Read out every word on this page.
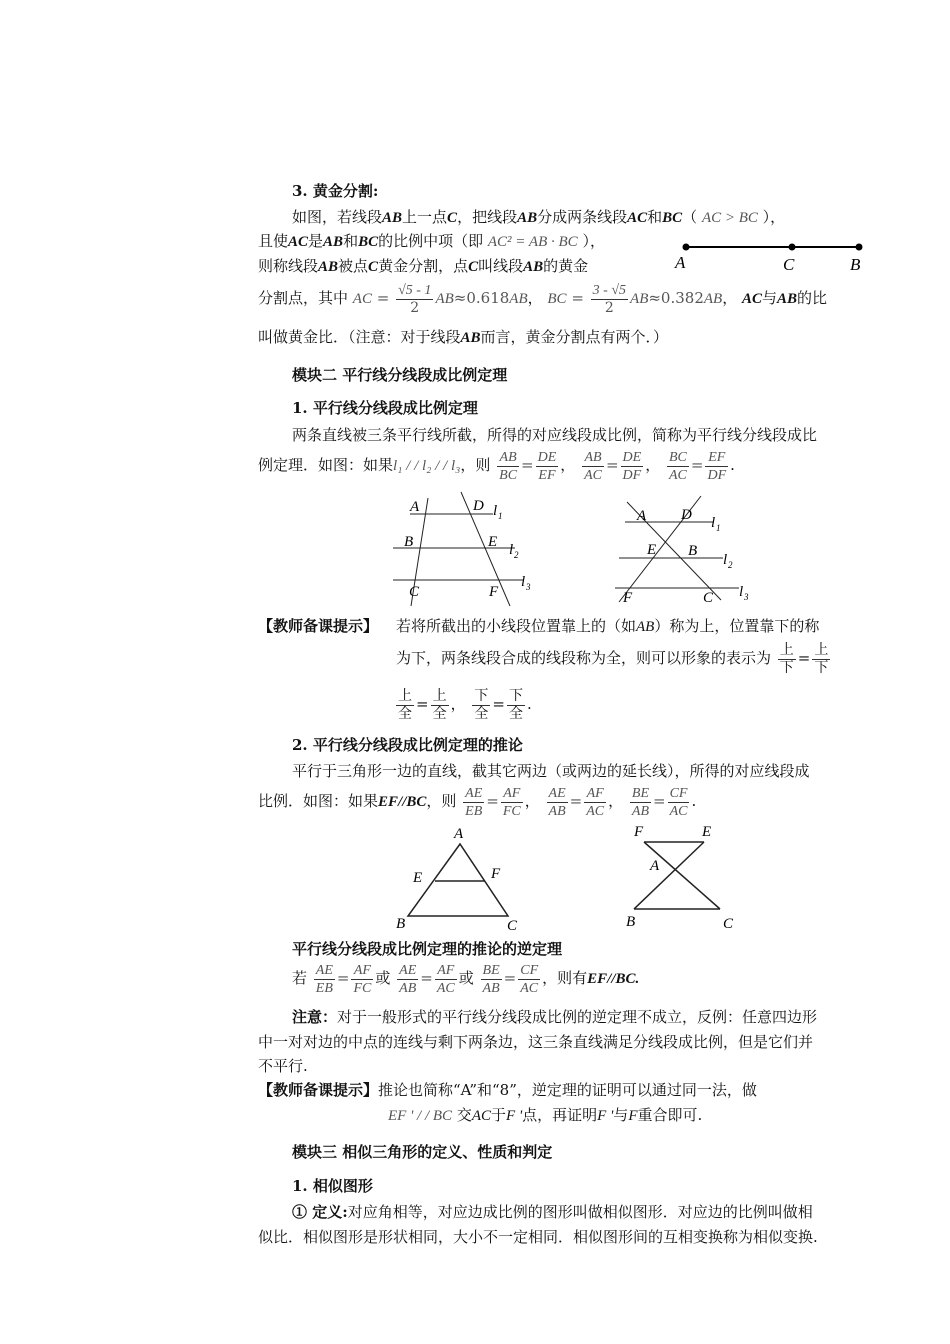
3. 黄金分割:
如图，若线段AB上一点C，把线段AB分成两条线段AC和BC（ AC > BC ），
且使AC是AB和BC的比例中项（即 AC² = AB · BC ），
A	C	B
则称线段AB被点C黄金分割，点C叫线段AB的黄金
分割点，其中 AC = $\frac{√5 - 1}{2} AB\approx 0.618AB$， BC = $\frac{3 - √5}{2} AB\approx 0.382AB$， AC与AB的比
叫做黄金比．（注意：对于线段AB而言，黄金分割点有两个．）
模块二 平行线分线段成比例定理
1. 平行线分线段成比例定理
两条直线被三条平行线所截，所得的对应线段成比例，简称为平行线分线段成比
例定理．如图：如果l₁ / / l₂ / / l₃，则 $\frac{AB}{BC} = \frac{DE}{EF}$ ， $\frac{AB}{AC} = \frac{DE}{DF}$ ， $\frac{BC}{AC} = \frac{EF}{DF}$ .
A	D l 1
B	E l 2
C	F
l 3
A D l 1
E B
l 2
F	C l 3
【教师备课提示】 若将所截出的小线段位置靠上的（如AB）称为上，位置靠下的称
为下，两条线段合成的线段称为全，则可以形象的表示为 $\frac{\text{上}}{\text{下}} = \frac{\text{上}}{\text{下}}$
$\frac{\text{上}}{\text{全}} = \frac{\text{上}}{\text{全}}$ ， $\frac{\text{下}}{\text{全}} = \frac{\text{下}}{\text{全}}$ .
2. 平行线分线段成比例定理的推论
平行于三角形一边的直线，截其它两边（或两边的延长线），所得的对应线段成
比例．如图：如果EF//BC，则 $\frac{AE}{EB} = \frac{AF}{FC}$ ， $\frac{AE}{AB} = \frac{AF}{AC}$ ， $\frac{BE}{AB} = \frac{CF}{AC}$ .
A
E	F
B	C
F	E
A
B	C
平行线分线段成比例定理的推论的逆定理
若 $\frac{AE}{EB} = \frac{AF}{FC}$ 或 $\frac{AE}{AB} = \frac{AF}{AC}$ 或 $\frac{BE}{AB} = \frac{CF}{AC}$ ，则有EF//BC.
注意：对于一般形式的平行线分线段成比例的逆定理不成立，反例：任意四边形
中一对对边的中点的连线与剩下两条边，这三条直线满足分线段成比例，但是它们并
不平行.
【教师备课提示】推论也简称“A”和“8”，逆定理的证明可以通过同一法，做
EF ' / / BC 交AC于F '点，再证明F '与F重合即可.
模块三 相似三角形的定义、性质和判定
1. 相似图形
① 定义:对应角相等，对应边成比例的图形叫做相似图形．对应边的比例叫做相
似比．相似图形是形状相同，大小不一定相同．相似图形间的互相变换称为相似变换.
